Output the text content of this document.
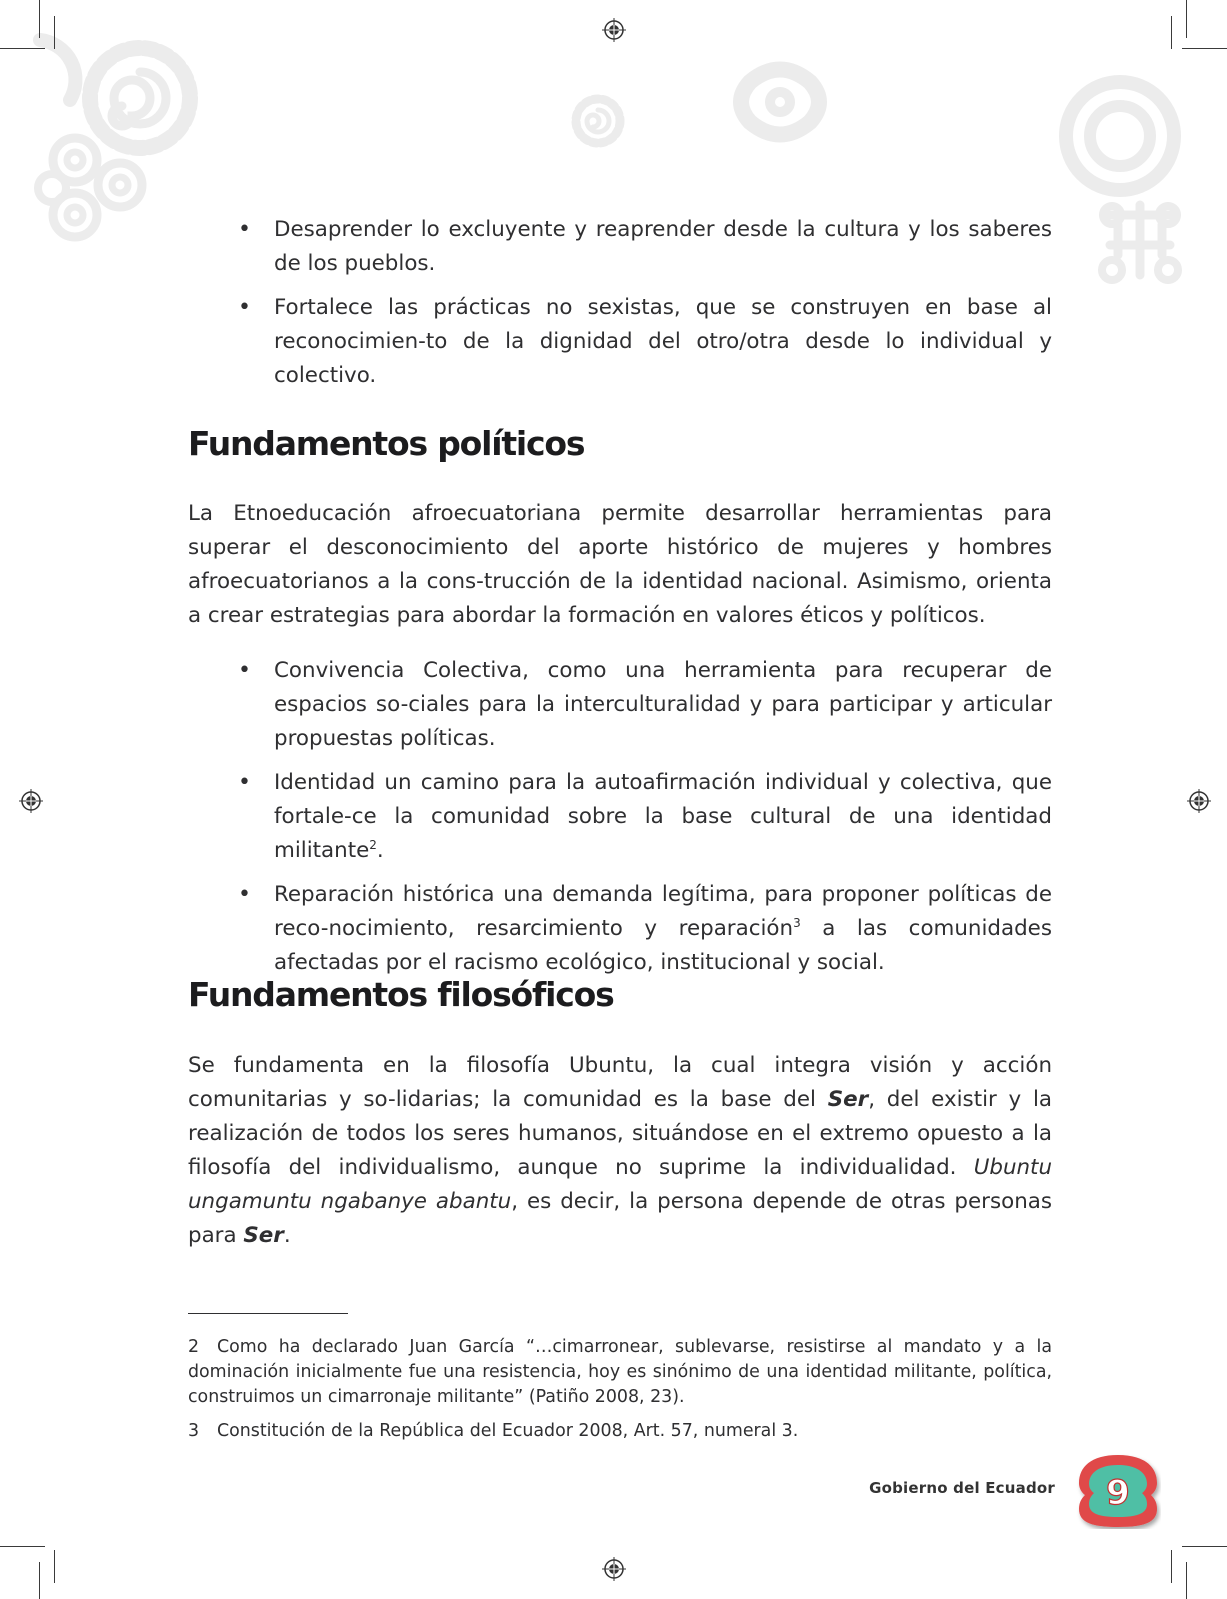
• Desaprender lo excluyente y reaprender desde la cultura y los saberes de los pueblos.
• Fortalece las prácticas no sexistas, que se construyen en base al reconocimien-to de la dignidad del otro/otra desde lo individual y colectivo.
Fundamentos políticos

La Etnoeducación afroecuatoriana permite desarrollar herramientas para superar el desconocimiento del aporte histórico de mujeres y hombres afroecuatorianos a la cons-trucción de la identidad nacional. Asimismo, orienta a crear estrategias para abordar la formación en valores éticos y políticos.

• Convivencia Colectiva, como una herramienta para recuperar de espacios so-ciales para la interculturalidad y para participar y articular propuestas políticas.
• Identidad un camino para la autoafirmación individual y colectiva, que fortale-ce la comunidad sobre la base cultural de una identidad militante$^2$.
• Reparación histórica una demanda legítima, para proponer políticas de reco-nocimiento, resarcimiento y reparación$^3$ a las comunidades afectadas por el racismo ecológico, institucional y social.
Fundamentos filosóficos

Se fundamenta en la filosofía Ubuntu, la cual integra visión y acción comunitarias y so-lidarias; la comunidad es la base del Ser, del existir y la realización de todos los seres humanos, situándose en el extremo opuesto a la filosofía del individualismo, aunque no suprime la individualidad. Ubuntu ungamuntu ngabanye abantu, es decir, la persona depende de otras personas para Ser.

2 Como ha declarado Juan García “…cimarronear, sublevarse, resistirse al mandato y a la dominación inicialmente fue una resistencia, hoy es sinónimo de una identidad militante, política, construimos un cimarronaje militante” (Patiño 2008, 23).

3 Constitución de la República del Ecuador 2008, Art. 57, numeral 3.

Gobierno del Ecuador 9
